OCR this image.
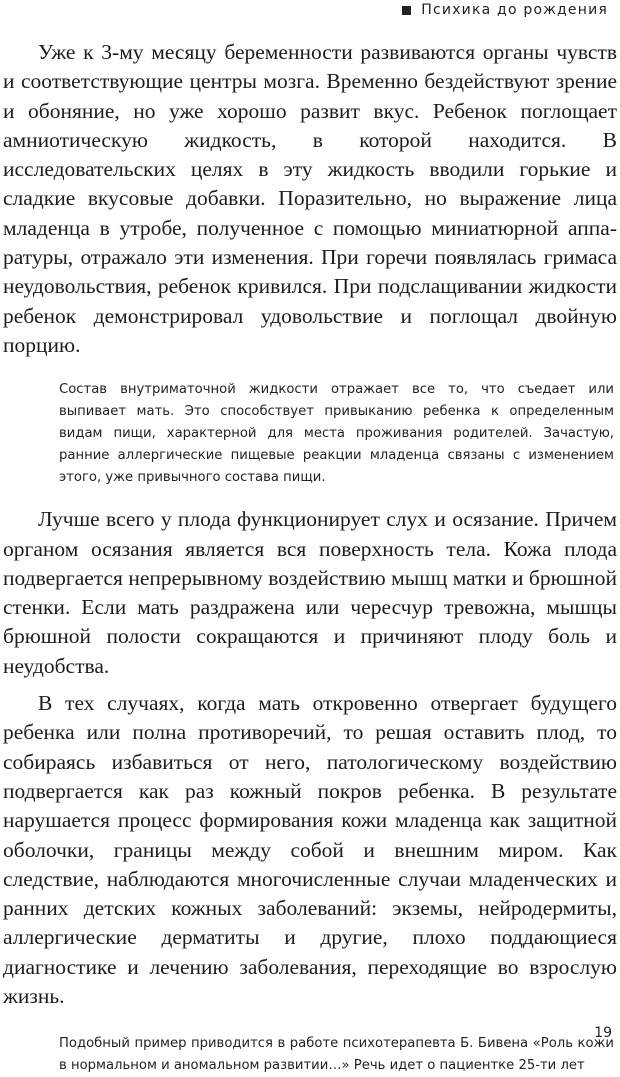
Психика до рождения

Уже к 3-му месяцу беременности развиваются органы чувств и соответствующие центры мозга. Временно бездействуют зрение и обоняние, но уже хорошо развит вкус. Ребенок поглощает амниотическую жидкость, в которой находится. В исследовательских целях в эту жидкость вводили горькие и сладкие вкусовые добавки. Поразительно, но выражение лица младенца в утробе, полученное с помощью миниатюрной аппаратуры, отражало эти изменения. При горечи появлялась гримаса неудовольствия, ребенок кривился. При подслащивании жидкости ребенок демонстрировал удовольствие и поглощал двойную порцию.

Состав внутриматочной жидкости отражает все то, что съедает или выпивает мать. Это способствует привыканию ребенка к определенным видам пищи, характерной для места проживания родителей. Зачастую, ранние аллергические пищевые реакции младенца связаны с изменением этого, уже привычного состава пищи.

Лучше всего у плода функционирует слух и осязание. Причем органом осязания является вся поверхность тела. Кожа плода подвергается непрерывному воздействию мышц матки и брюшной стенки. Если мать раздражена или чересчур тревожна, мышцы брюшной полости сокращаются и причиняют плоду боль и неудобства.

В тех случаях, когда мать откровенно отвергает будущего ребенка или полна противоречий, то решая оставить плод, то собираясь избавиться от него, патологическому воздействию подвергается как раз кожный покров ребенка. В результате нарушается процесс формирования кожи младенца как защитной оболочки, границы между собой и внешним миром. Как следствие, наблюдаются многочисленные случаи младенческих и ранних детских кожных заболеваний: экземы, нейродермиты, аллергические дерматиты и другие, плохо поддающиеся диагностике и лечению заболевания, переходящие во взрослую жизнь.

Подобный пример приводится в работе психотерапевта Б. Бивена «Роль кожи в нормальном и аномальном развитии…» Речь идет о пациентке 25-ти лет

19
